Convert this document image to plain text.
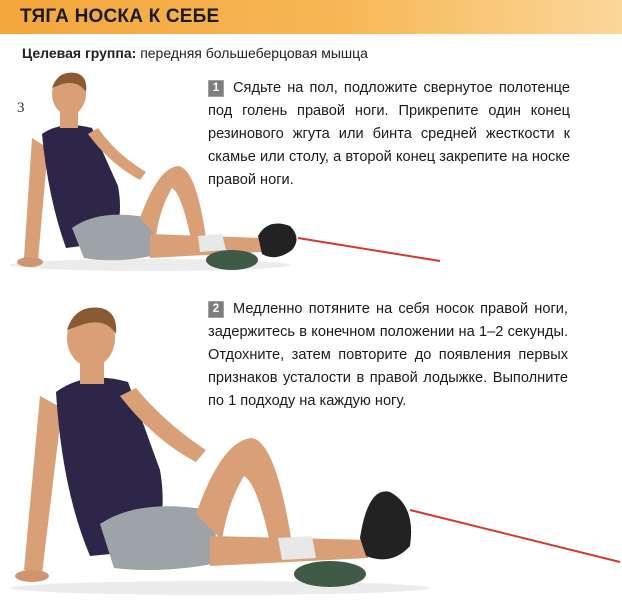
ТЯГА НОСКА К СЕБЕ
Целевая группа: передняя большеберцовая мышца
3
1 Сядьте на пол, подложите свернутое полотенце под голень правой ноги. Прикрепите один конец резинового жгута или бинта средней жесткости к скамье или столу, а второй конец закрепите на носке правой ноги.
2 Медленно потяните на себя носок правой ноги, задержитесь в конечном положении на 1–2 секунды. Отдохните, затем повторите до появления первых признаков усталости в правой лодыжке. Выполните по 1 подходу на каждую ногу.
